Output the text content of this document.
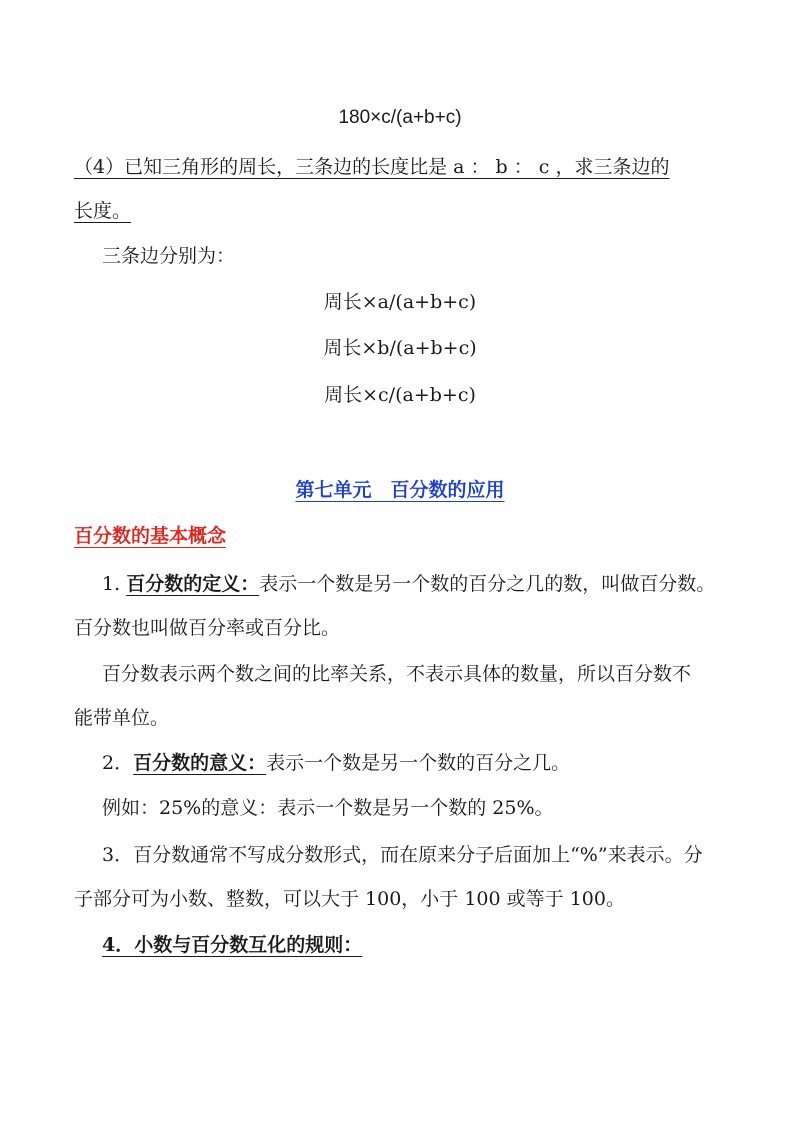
180×c/(a+b+c)
（4）已知三角形的周长，三条边的长度比是 a ： b ： c ，求三条边的
长度。
三条边分别为：
周长×a/(a+b+c)
周长×b/(a+b+c)
周长×c/(a+b+c)
第七单元　百分数的应用
百分数的基本概念
1. 百分数的定义：表示一个数是另一个数的百分之几的数，叫做百分数。
百分数也叫做百分率或百分比。
百分数表示两个数之间的比率关系，不表示具体的数量，所以百分数不
能带单位。
2．百分数的意义：表示一个数是另一个数的百分之几。
例如：25%的意义：表示一个数是另一个数的 25%。
3．百分数通常不写成分数形式，而在原来分子后面加上“%”来表示。分
子部分可为小数、整数，可以大于 100，小于 100 或等于 100。
4．小数与百分数互化的规则：
